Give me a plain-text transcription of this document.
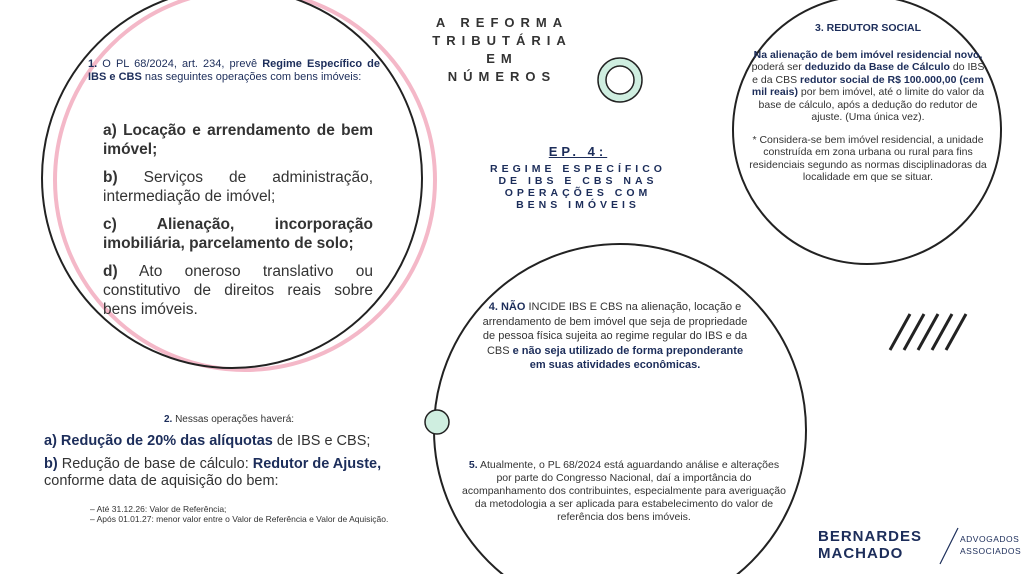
A REFORMA
TRIBUTÁRIA
EM NÚMEROS
EP. 4:
REGIME ESPECÍFICO
DE IBS E CBS NAS
OPERAÇÕES COM
BENS IMÓVEIS
1. O PL 68/2024, art. 234, prevê Regime Específico de IBS e CBS nas seguintes operações com bens imóveis:

a) Locação e arrendamento de bem imóvel;

b) Serviços de administração, intermediação de imóvel;

c)	Alienação, incorporação imobiliária, parcelamento de solo;

d) Ato oneroso translativo ou constitutivo de direitos reais sobre bens imóveis.

3. REDUTOR SOCIAL

Na alienação de bem imóvel residencial novo, poderá ser deduzido da Base de Cálculo do IBS e da CBS redutor social de R$ 100.000,00 (cem mil reais) por bem imóvel, até o limite do valor da base de cálculo, após a dedução do redutor de ajuste. (Uma única vez).

* Considera-se bem imóvel residencial, a unidade construída em zona urbana ou rural para fins residenciais segundo as normas disciplinadoras da localidade em que se situar.

4. NÃO INCIDE IBS E CBS na alienação, locação e arrendamento de bem imóvel que seja de propriedade de pessoa física sujeita ao regime regular do IBS e da CBS e não seja utilizado de forma preponderante em suas atividades econômicas.
5. Atualmente, o PL 68/2024 está aguardando análise e alterações por parte do Congresso Nacional, daí a importância do acompanhamento dos contribuintes, especialmente para averiguação da metodologia a ser aplicada para estabelecimento do valor de referência dos bens imóveis.
2. Nessas operações haverá:
a) Redução de 20% das alíquotas de IBS e CBS;
b) Redução de base de cálculo: Redutor de Ajuste, conforme data de aquisição do bem:
– Até 31.12.26: Valor de Referência;
– Após 01.01.27: menor valor entre o Valor de Referência e Valor de Aquisição.
BERNARDES
MACHADO
ADVOGADOS
ASSOCIADOS
